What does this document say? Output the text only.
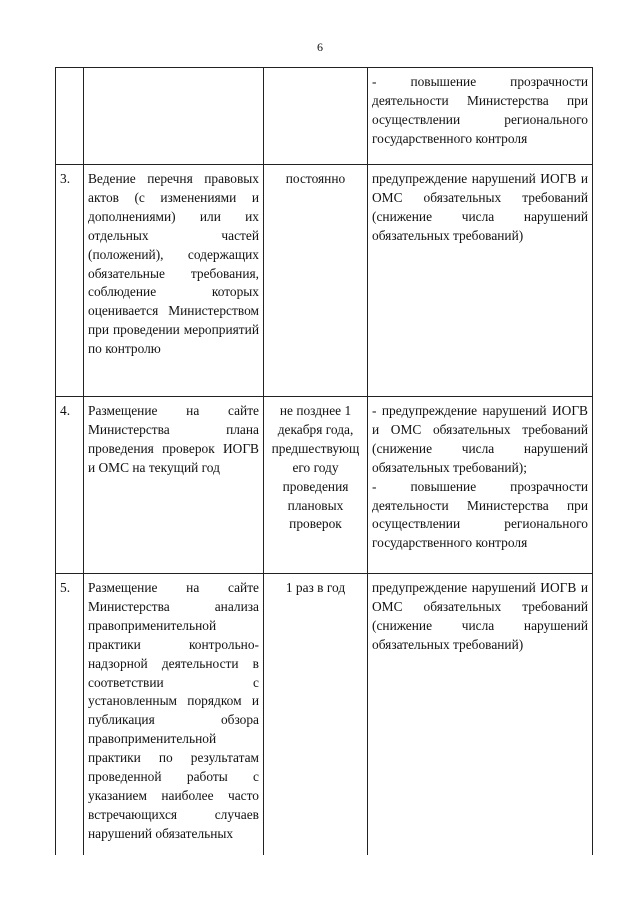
6

			- повышение прозрачности деятельности Министерства при осуществлении регионального государственного контроля

3.	Ведение перечня правовых актов (с изменениями и дополнениями) или их отдельных частей (положений), содержащих обязательные требования, соблюдение которых оценивается Министерством при проведении мероприятий по контролю	постоянно	предупреждение нарушений ИОГВ и ОМС обязательных требований (снижение числа нарушений обязательных требований)

4.	Размещение на сайте Министерства плана проведения проверок ИОГВ и ОМС на текущий год	не позднее 1 декабря года, предшествующ его году проведения плановых проверок	- предупреждение нарушений ИОГВ и ОМС обязательных требований (снижение числа нарушений обязательных требований);
- повышение прозрачности деятельности Министерства при осуществлении регионального государственного контроля

5.	Размещение на сайте Министерства анализа правоприменительной практики контрольно-надзорной деятельности в соответствии с установленным порядком и публикация обзора правоприменительной практики по результатам проведенной работы с указанием наиболее часто встречающихся случаев нарушений обязательных	1 раз в год	предупреждение нарушений ИОГВ и ОМС обязательных требований (снижение числа нарушений обязательных требований)
